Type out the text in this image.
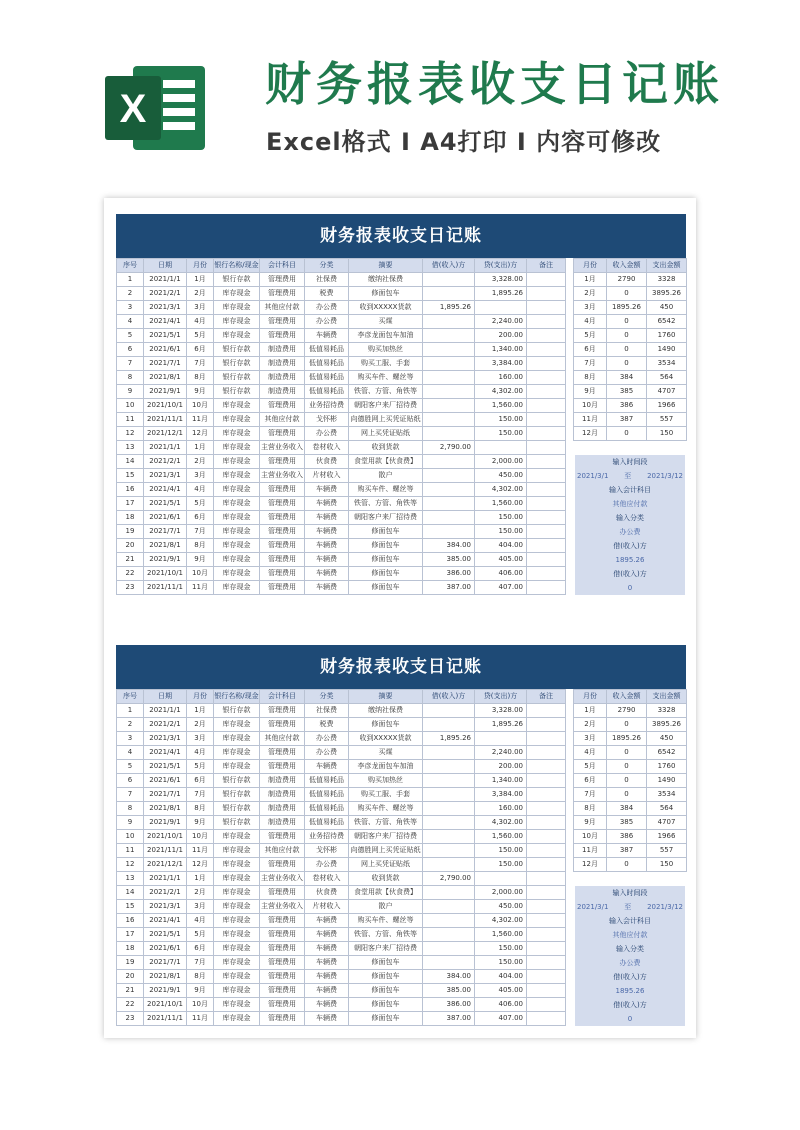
X	财务报表收支日记账
Excel格式 I A4打印 I 内容可修改
财务报表收支日记账
序号	日期	月份	银行名称/现金	会计科目	分类	摘要	借(收入)方	贷(支出)方	备注
1	2021/1/1	1月	银行存款	管理费用	社保费	缴纳社保费		3,328.00	
2	2021/2/1	2月	库存现金	管理费用	税费	修面包车		1,895.26	
3	2021/3/1	3月	库存现金	其他应付款	办公费	收到XXXXX货款	1,895.26		
4	2021/4/1	4月	库存现金	管理费用	办公费	买煤		2,240.00	
5	2021/5/1	5月	库存现金	管理费用	车辆费	李彦龙面包车加油		200.00	
6	2021/6/1	6月	银行存款	制造费用	低值易耗品	购买加热丝		1,340.00	
7	2021/7/1	7月	银行存款	制造费用	低值易耗品	购买工服、手套		3,384.00	
8	2021/8/1	8月	银行存款	制造费用	低值易耗品	购买车件、螺丝等		160.00	
9	2021/9/1	9月	银行存款	制造费用	低值易耗品	铁管、方管、角铁等		4,302.00	
10	2021/10/1	10月	库存现金	管理费用	业务招待费	朝阳客户来厂招待费		1,560.00	
11	2021/11/1	11月	库存现金	其他应付款	戈怀彬	向德胜网上买凭证贴纸		150.00	
12	2021/12/1	12月	库存现金	管理费用	办公费	网上买凭证贴纸		150.00	
13	2021/1/1	1月	库存现金	主营业务收入	卷材收入	收到货款	2,790.00		
14	2021/2/1	2月	库存现金	管理费用	伙食费	食堂用款【伙食费】		2,000.00	
15	2021/3/1	3月	库存现金	主营业务收入	片材收入	散户		450.00	
16	2021/4/1	4月	库存现金	管理费用	车辆费	购买车件、螺丝等		4,302.00	
17	2021/5/1	5月	库存现金	管理费用	车辆费	铁管、方管、角铁等		1,560.00	
18	2021/6/1	6月	库存现金	管理费用	车辆费	朝阳客户来厂招待费		150.00	
19	2021/7/1	7月	库存现金	管理费用	车辆费	修面包车		150.00	
20	2021/8/1	8月	库存现金	管理费用	车辆费	修面包车	384.00	404.00	
21	2021/9/1	9月	库存现金	管理费用	车辆费	修面包车	385.00	405.00	
22	2021/10/1	10月	库存现金	管理费用	车辆费	修面包车	386.00	406.00	
23	2021/11/1	11月	库存现金	管理费用	车辆费	修面包车	387.00	407.00	
月份	收入金额	支出金额
1月	2790	3328
2月	0	3895.26
3月	1895.26	450
4月	0	6542
5月	0	1760
6月	0	1490
7月	0	3534
8月	384	564
9月	385	4707
10月	386	1966
11月	387	557
12月	0	150
输入时间段
2021/3/1 至 2021/3/12
输入会计科目
其他应付款
输入分类
办公费
借(收入)方
1895.26
借(收入)方
0
财务报表收支日记账
序号	日期	月份	银行名称/现金	会计科目	分类	摘要	借(收入)方	贷(支出)方	备注
1	2021/1/1	1月	银行存款	管理费用	社保费	缴纳社保费		3,328.00	
2	2021/2/1	2月	库存现金	管理费用	税费	修面包车		1,895.26	
3	2021/3/1	3月	库存现金	其他应付款	办公费	收到XXXXX货款	1,895.26		
4	2021/4/1	4月	库存现金	管理费用	办公费	买煤		2,240.00	
5	2021/5/1	5月	库存现金	管理费用	车辆费	李彦龙面包车加油		200.00	
6	2021/6/1	6月	银行存款	制造费用	低值易耗品	购买加热丝		1,340.00	
7	2021/7/1	7月	银行存款	制造费用	低值易耗品	购买工服、手套		3,384.00	
8	2021/8/1	8月	银行存款	制造费用	低值易耗品	购买车件、螺丝等		160.00	
9	2021/9/1	9月	银行存款	制造费用	低值易耗品	铁管、方管、角铁等		4,302.00	
10	2021/10/1	10月	库存现金	管理费用	业务招待费	朝阳客户来厂招待费		1,560.00	
11	2021/11/1	11月	库存现金	其他应付款	戈怀彬	向德胜网上买凭证贴纸		150.00	
12	2021/12/1	12月	库存现金	管理费用	办公费	网上买凭证贴纸		150.00	
13	2021/1/1	1月	库存现金	主营业务收入	卷材收入	收到货款	2,790.00		
14	2021/2/1	2月	库存现金	管理费用	伙食费	食堂用款【伙食费】		2,000.00	
15	2021/3/1	3月	库存现金	主营业务收入	片材收入	散户		450.00	
16	2021/4/1	4月	库存现金	管理费用	车辆费	购买车件、螺丝等		4,302.00	
17	2021/5/1	5月	库存现金	管理费用	车辆费	铁管、方管、角铁等		1,560.00	
18	2021/6/1	6月	库存现金	管理费用	车辆费	朝阳客户来厂招待费		150.00	
19	2021/7/1	7月	库存现金	管理费用	车辆费	修面包车		150.00	
20	2021/8/1	8月	库存现金	管理费用	车辆费	修面包车	384.00	404.00	
21	2021/9/1	9月	库存现金	管理费用	车辆费	修面包车	385.00	405.00	
22	2021/10/1	10月	库存现金	管理费用	车辆费	修面包车	386.00	406.00	
23	2021/11/1	11月	库存现金	管理费用	车辆费	修面包车	387.00	407.00	
月份	收入金额	支出金额
1月	2790	3328
2月	0	3895.26
3月	1895.26	450
4月	0	6542
5月	0	1760
6月	0	1490
7月	0	3534
8月	384	564
9月	385	4707
10月	386	1966
11月	387	557
12月	0	150
输入时间段
2021/3/1 至 2021/3/12
输入会计科目
其他应付款
输入分类
办公费
借(收入)方
1895.26
借(收入)方
0
